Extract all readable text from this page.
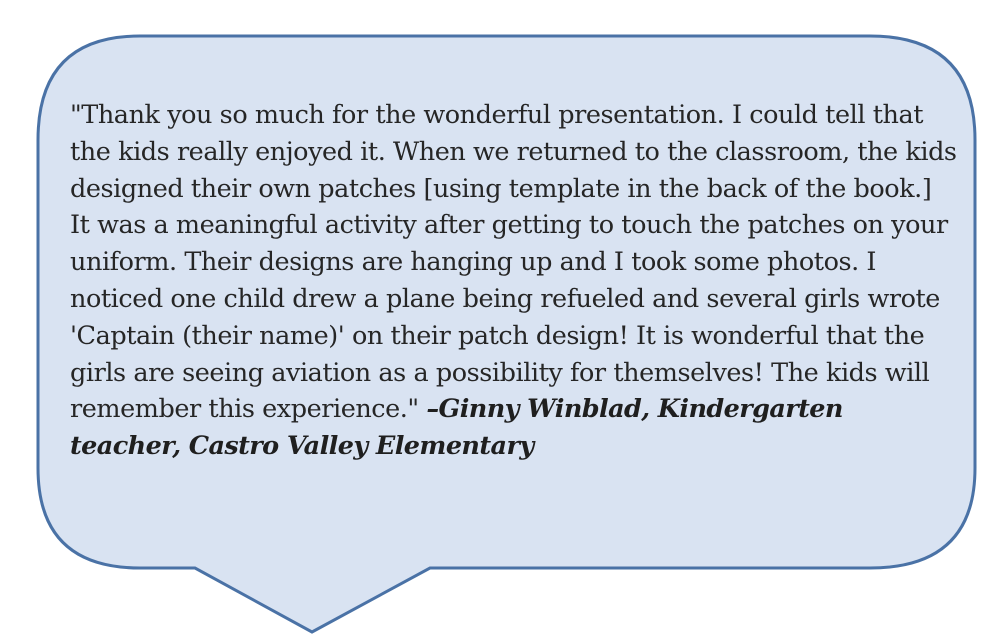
"Thank you so much for the wonderful presentation. I could tell that
the kids really enjoyed it. When we returned to the classroom, the kids
designed their own patches [using template in the back of the book.]
It was a meaningful activity after getting to touch the patches on your
uniform. Their designs are hanging up and I took some photos. I
noticed one child drew a plane being refueled and several girls wrote
'Captain (their name)' on their patch design! It is wonderful that the
girls are seeing aviation as a possibility for themselves! The kids will
remember this experience." –Ginny Winblad, Kindergarten
teacher, Castro Valley Elementary
